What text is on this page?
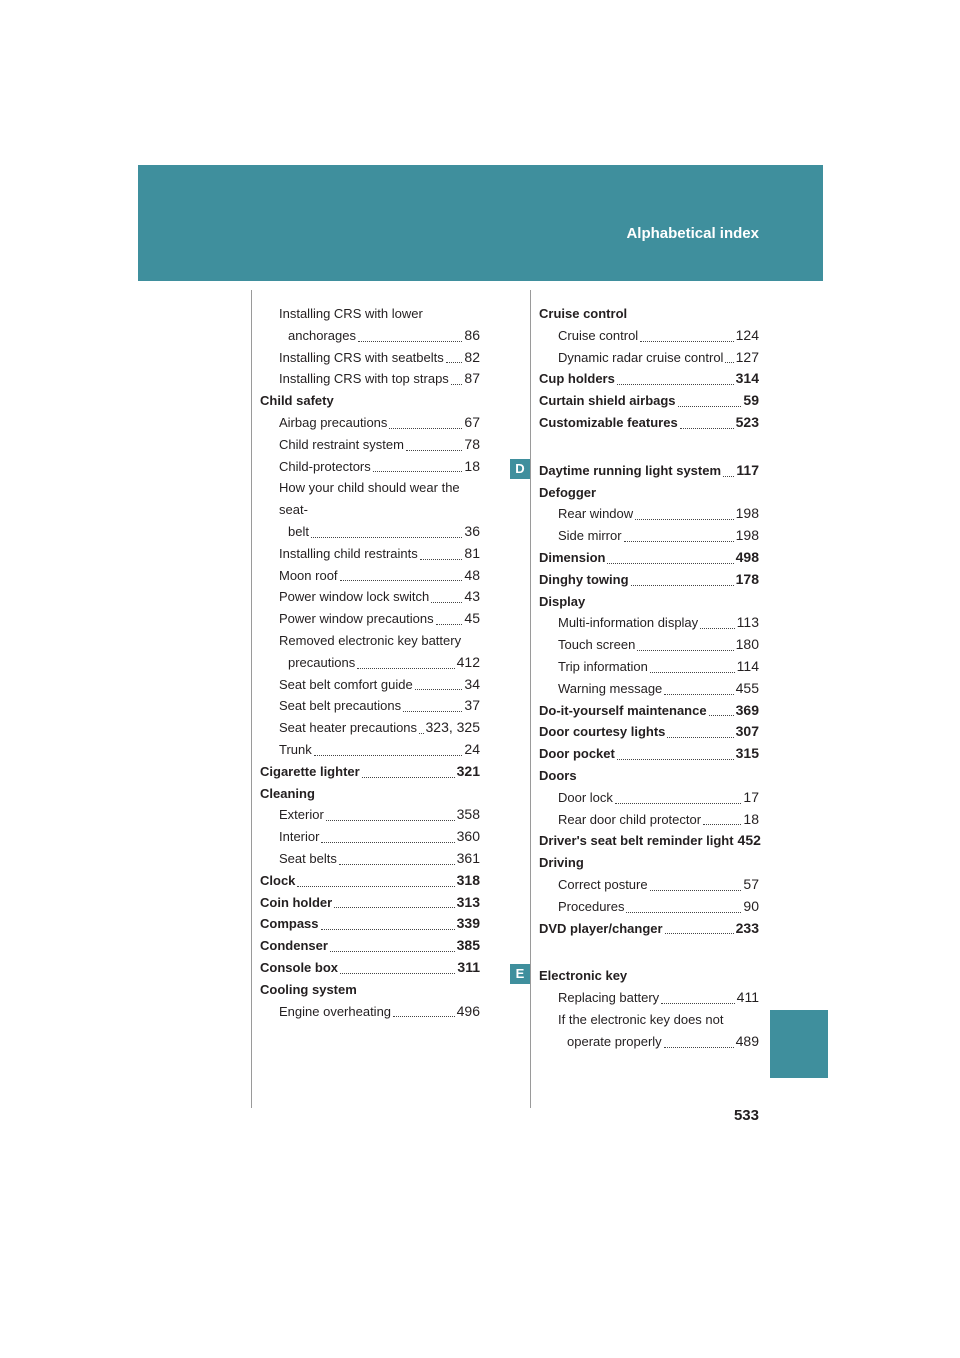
Alphabetical index
Installing CRS with lower
anchorages	86
Installing CRS with seatbelts 82
Installing CRS with top straps 87
Child safety
Airbag precautions	67
Child restraint system	78
Child-protectors	18
How your child should wear the seat-
belt	36
Installing child restraints	81
Moon roof	48
Power window lock switch	43
Power window precautions 45
Removed electronic key battery
precautions	412
Seat belt comfort guide	34
Seat belt precautions	37
Seat heater precautions 323, 325
Trunk	24
Cigarette lighter	321
Cleaning
Exterior	358
Interior	360
Seat belts	361
Clock	318
Coin holder	313
Compass	339
Condenser	385
Console box	311
Cooling system
Engine overheating	496
Cruise control
Cruise control	124
Dynamic radar cruise control 127
Cup holders	314
Curtain shield airbags	59
Customizable features	523
Daytime running light system 117
Defogger
Rear window	198
Side mirror	198
Dimension	498
Dinghy towing	178
Display
Multi-information display	113
Touch screen	180
Trip information	114
Warning message	455
Do-it-yourself maintenance 369
Door courtesy lights	307
Door pocket	315
Doors
Door lock	17
Rear door child protector	18
Driver's seat belt reminder light 452
Driving
Correct posture	57
Procedures	90
DVD player/changer	233
Electronic key
Replacing battery	411
If the electronic key does not
operate properly	489
D
E
533
